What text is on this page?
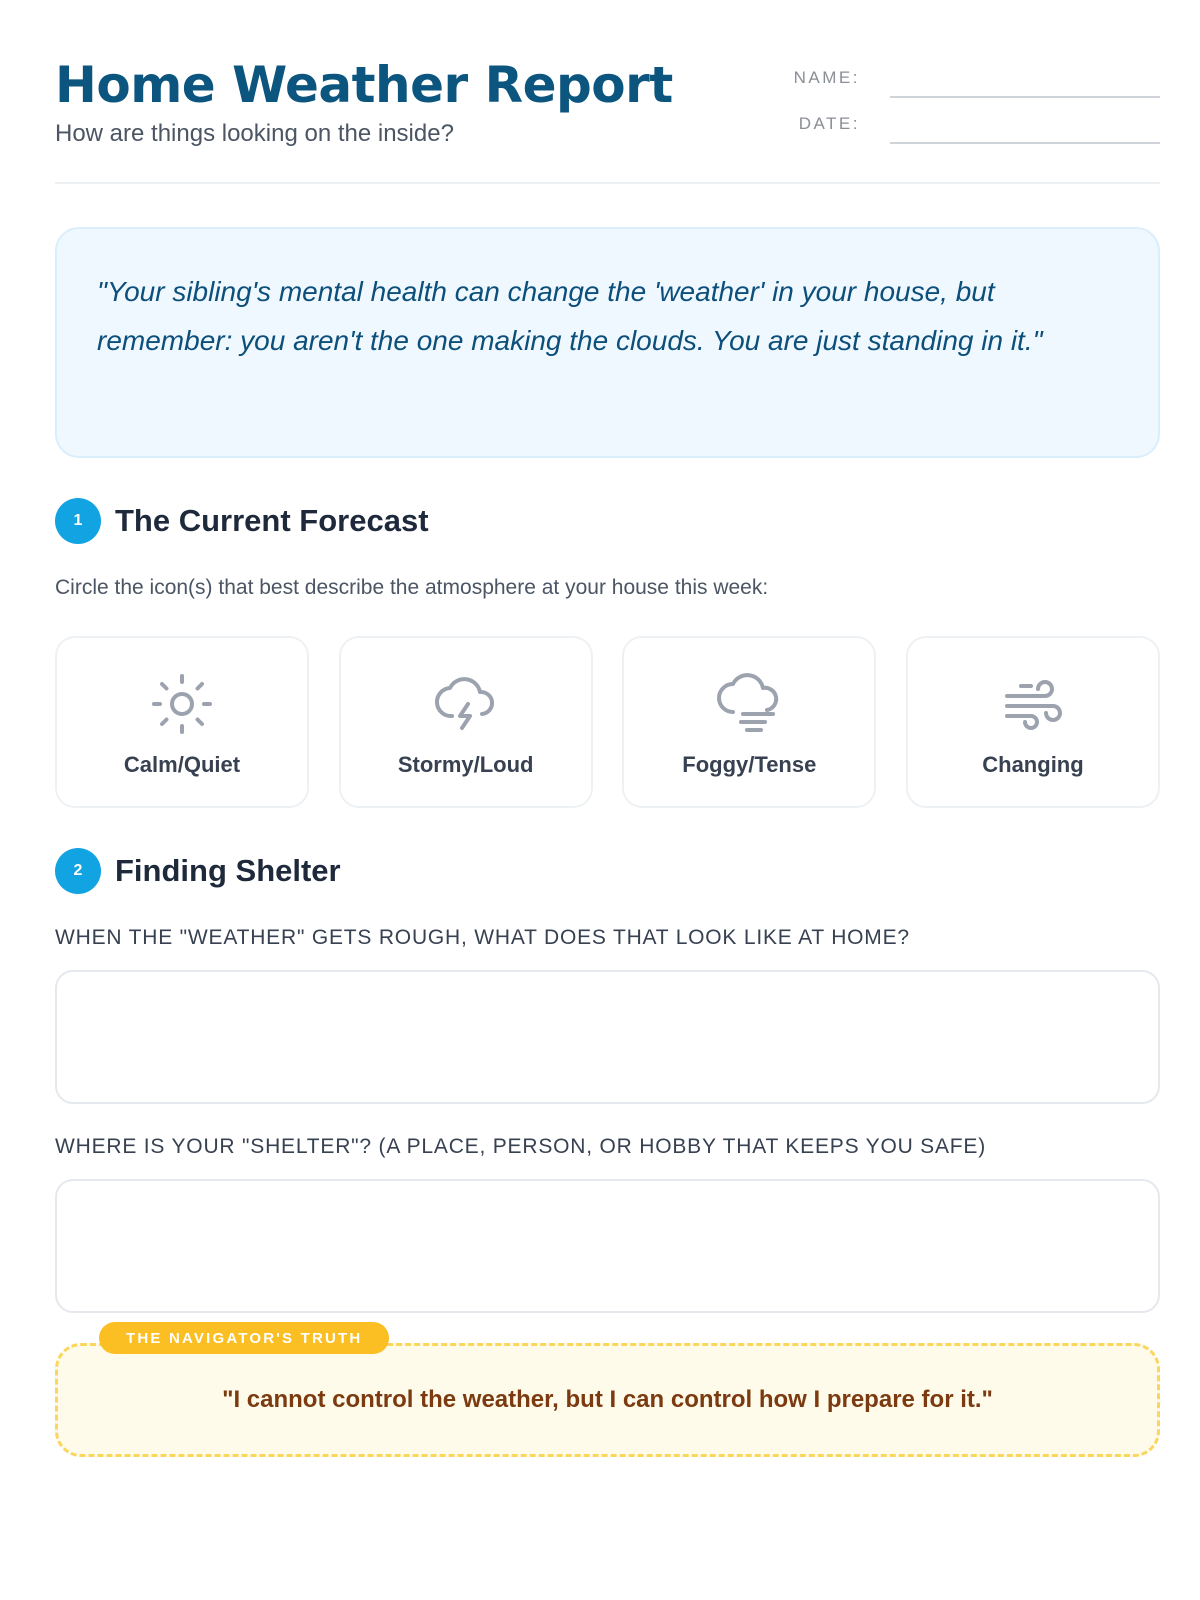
Home Weather Report
How are things looking on the inside?
NAME:
DATE:

"Your sibling's mental health can change the 'weather' in your house, but remember: you aren't the one making the clouds. You are just standing in it."

1	The Current Forecast
Circle the icon(s) that best describe the atmosphere at your house this week:
Calm/Quiet	Stormy/Loud	Foggy/Tense	Changing
2	Finding Shelter
WHEN THE "WEATHER" GETS ROUGH, WHAT DOES THAT LOOK LIKE AT HOME?
WHERE IS YOUR "SHELTER"? (A PLACE, PERSON, OR HOBBY THAT KEEPS YOU SAFE)
"I cannot control the weather, but I can control how I prepare for it."
THE NAVIGATOR'S TRUTH
